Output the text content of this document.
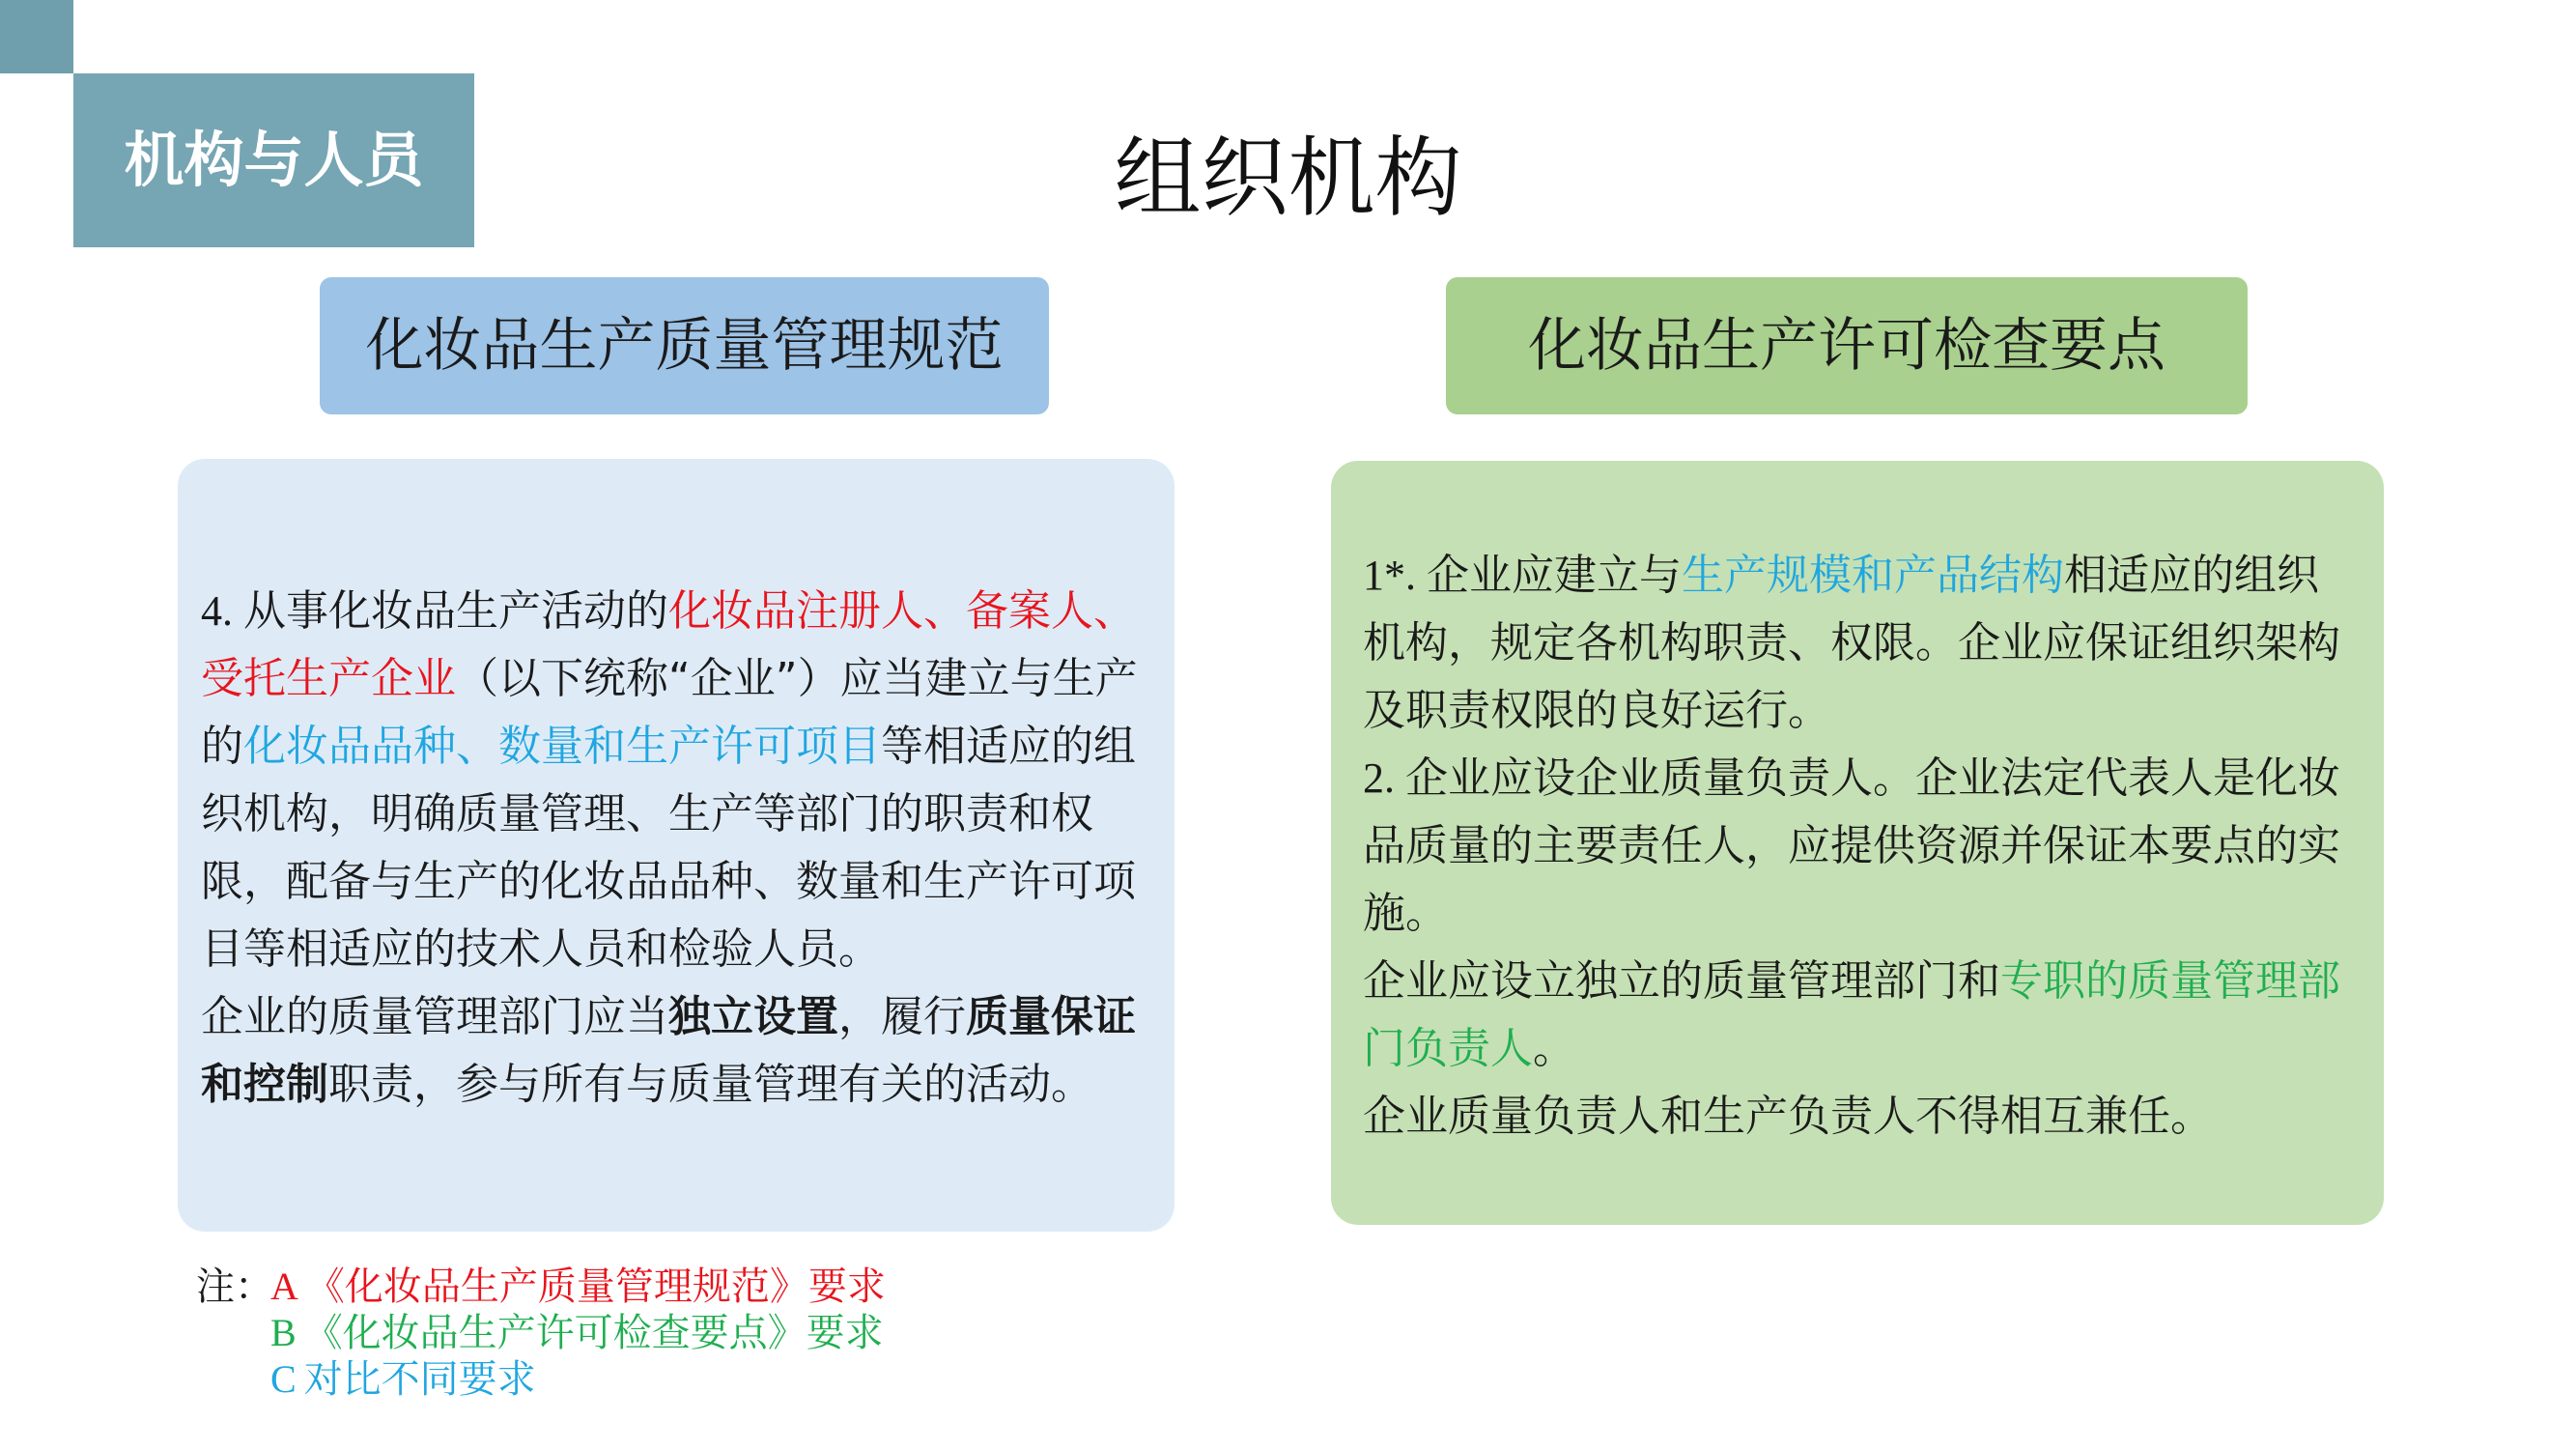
机构与人员	组织机构
化妆品生产质量管理规范	化妆品生产许可检查要点

4. 从事化妆品生产活动的化妆品注册人、备案人、受托生产企业（以下统称“企业”）应当建立与生产的化妆品品种、数量和生产许可项目等相适应的组织机构，明确质量管理、生产等部门的职责和权限，配备与生产的化妆品品种、数量和生产许可项目等相适应的技术人员和检验人员。

企业的质量管理部门应当独立设置，履行质量保证和控制职责，参与所有与质量管理有关的活动。

1*. 企业应建立与生产规模和产品结构相适应的组织机构，规定各机构职责、权限。企业应保证组织架构及职责权限的良好运行。

2. 企业应设企业质量负责人。企业法定代表人是化妆品质量的主要责任人，应提供资源并保证本要点的实施。

企业应设立独立的质量管理部门和专职的质量管理部门负责人。

企业质量负责人和生产负责人不得相互兼任。

注：
A 《化妆品生产质量管理规范》要求
B 《化妆品生产许可检查要点》要求
C 对比不同要求
